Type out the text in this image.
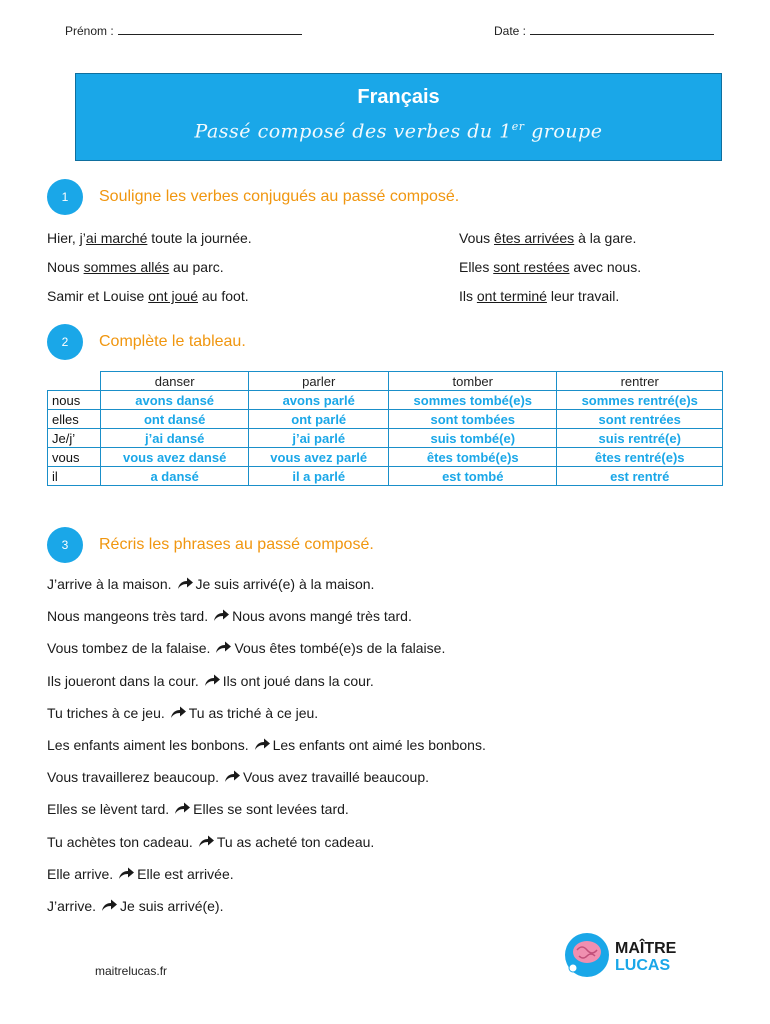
Prénom :	Date :
Français
Passé composé des verbes du 1er groupe
1	Souligne les verbes conjugués au passé composé.
Hier, j’ai marché toute la journée.
Nous sommes allés au parc.
Samir et Louise ont joué au foot.
Vous êtes arrivées à la gare.
Elles sont restées avec nous.
Ils ont terminé leur travail.
2	Complète le tableau.
	danser	parler	tomber	rentrer
nous	avons dansé	avons parlé	sommes tombé(e)s	sommes rentré(e)s
elles	ont dansé	ont parlé	sont tombées	sont rentrées
Je/j’	j’ai dansé	j’ai parlé	suis tombé(e)	suis rentré(e)
vous	vous avez dansé	vous avez parlé	êtes tombé(e)s	êtes rentré(e)s
il	a dansé	il a parlé	est tombé	est rentré
3	Récris les phrases au passé composé.
J’arrive à la maison. Je suis arrivé(e) à la maison.
Nous mangeons très tard. Nous avons mangé très tard.
Vous tombez de la falaise. Vous êtes tombé(e)s de la falaise.
Ils joueront dans la cour. Ils ont joué dans la cour.
Tu triches à ce jeu. Tu as triché à ce jeu.
Les enfants aiment les bonbons. Les enfants ont aimé les bonbons.
Vous travaillerez beaucoup. Vous avez travaillé beaucoup.
Elles se lèvent tard. Elles se sont levées tard.
Tu achètes ton cadeau. Tu as acheté ton cadeau.
Elle arrive. Elle est arrivée.
J’arrive. Je suis arrivé(e).
maitrelucas.fr
MAÎTRE
LUCAS
